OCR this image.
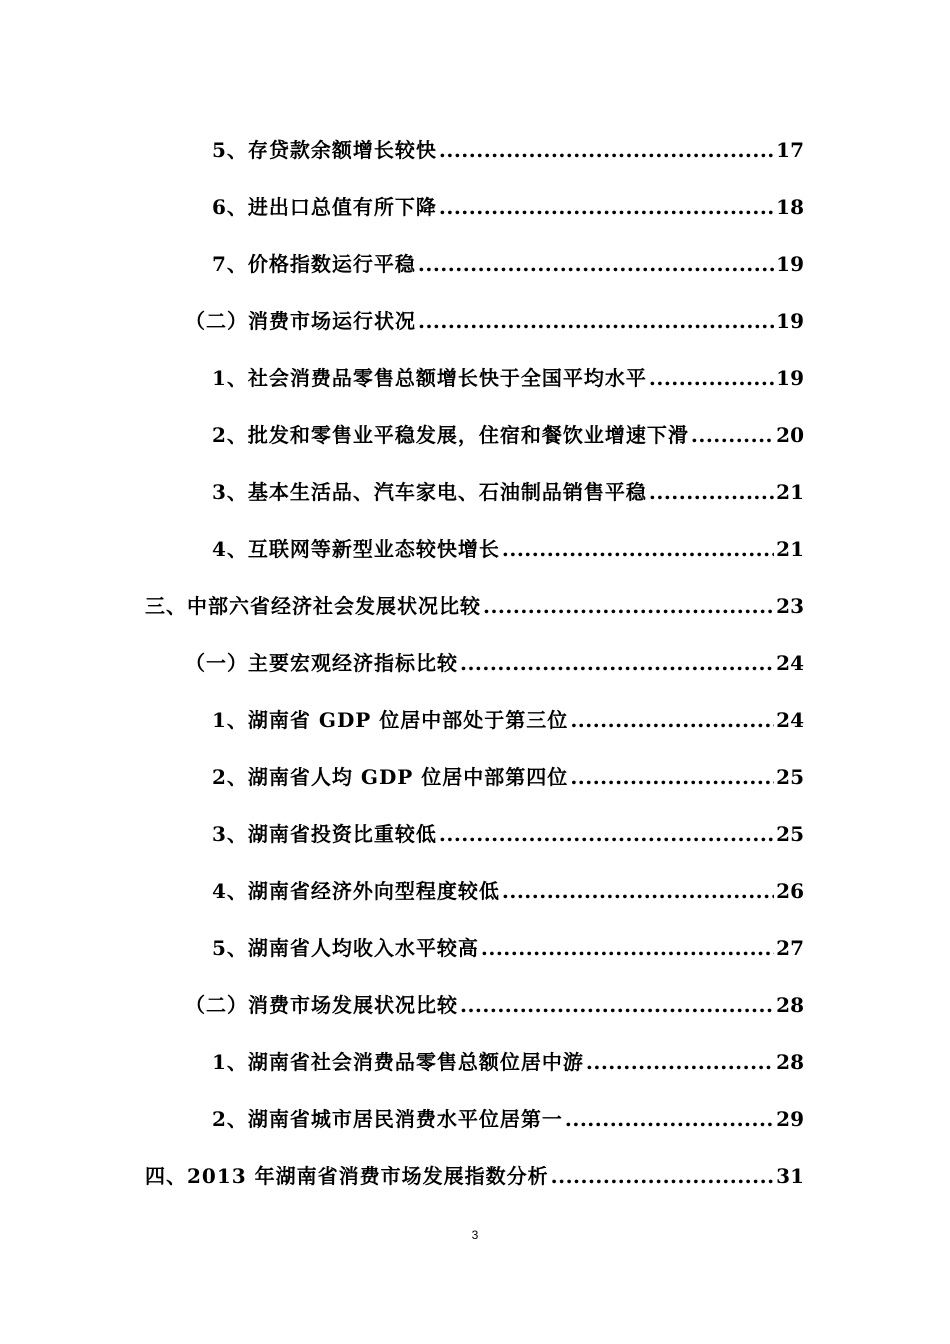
5、存贷款余额增长较快 .....	17
6、进出口总值有所下降 .....	18
7、价格指数运行平稳 .....	19
（二）消费市场运行状况 .....	19
1、社会消费品零售总额增长快于全国平均水平 .....	19
2、批发和零售业平稳发展，住宿和餐饮业增速下滑 .....	20
3、基本生活品、汽车家电、石油制品销售平稳 .....	21
4、互联网等新型业态较快增长 .....	21
三、中部六省经济社会发展状况比较 .....	23
（一）主要宏观经济指标比较 .....	24
1、湖南省 GDP 位居中部处于第三位 .....	24
2、湖南省人均 GDP 位居中部第四位 .....	25
3、湖南省投资比重较低 .....	25
4、湖南省经济外向型程度较低 .....	26
5、湖南省人均收入水平较高 .....	27
（二）消费市场发展状况比较 .....	28
1、湖南省社会消费品零售总额位居中游 .....	28
2、湖南省城市居民消费水平位居第一 .....	29
四、2013 年湖南省消费市场发展指数分析 .....	31
3
